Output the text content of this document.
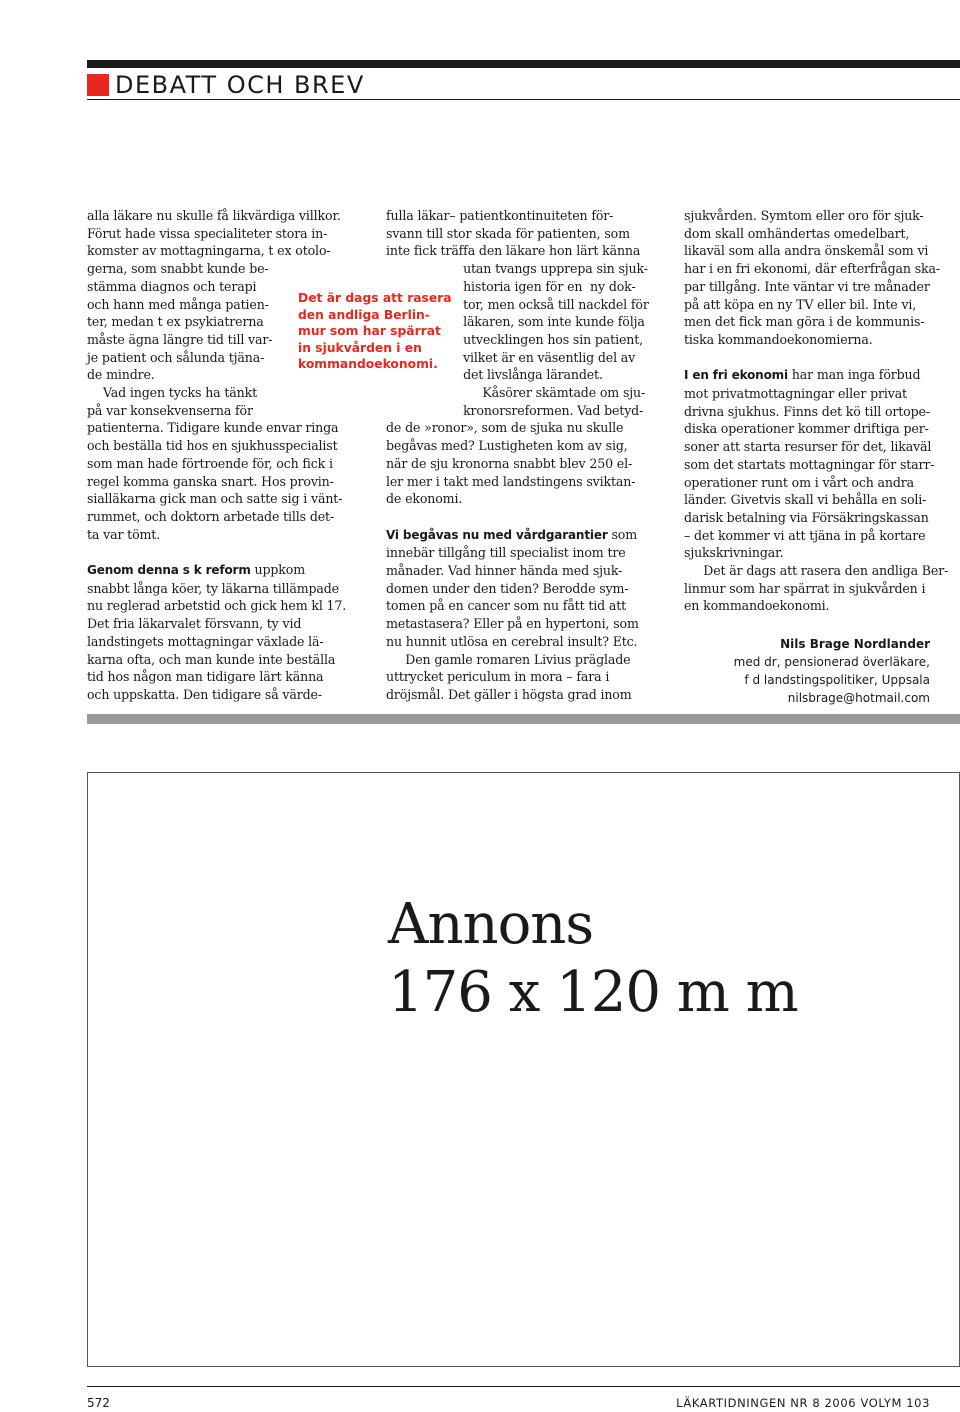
DEBATT OCH BREV

alla läkare nu skulle få likvärdiga villkor.

Förut hade vissa specialiteter stora in-

komster av mottagningarna, t ex otolo-

gerna, som snabbt kunde be-

stämma diagnos och terapi

och hann med många patien-

ter, medan t ex psykiatrerna

måste ägna längre tid till var-

je patient och sålunda tjäna-

de mindre.

Vad ingen tycks ha tänkt

på var konsekvenserna för

patienterna. Tidigare kunde envar ringa

och beställa tid hos en sjukhusspecialist

som man hade förtroende för, och fick i

regel komma ganska snart. Hos provin-

sialläkarna gick man och satte sig i vänt-

rummet, och doktorn arbetade tills det-

ta var tömt.

Genom denna s k reform uppkom

snabbt långa köer, ty läkarna tillämpade

nu reglerad arbetstid och gick hem kl 17.

Det fria läkarvalet försvann, ty vid

landstingets mottagningar växlade lä-

karna ofta, och man kunde inte beställa

tid hos någon man tidigare lärt känna

och uppskatta. Den tidigare så värde-

Det är dags att rasera
den andliga Berlin-
mur som har spärrat
in sjukvården i en
kommandoekonomi.

fulla läkar– patientkontinuiteten för-

svann till stor skada för patienten, som

inte fick träffa den läkare hon lärt känna

utan tvangs upprepa sin sjuk-

historia igen för en  ny dok-

tor, men också till nackdel för

läkaren, som inte kunde följa

utvecklingen hos sin patient,

vilket är en väsentlig del av

det livslånga lärandet.

Kåsörer skämtade om sju-

kronorsreformen. Vad betyd-

de de »ronor», som de sjuka nu skulle

begåvas med? Lustigheten kom av sig,

när de sju kronorna snabbt blev 250 el-

ler mer i takt med landstingens sviktan-

de ekonomi.

Vi begåvas nu med vårdgarantier som

innebär tillgång till specialist inom tre

månader. Vad hinner hända med sjuk-

domen under den tiden? Berodde sym-

tomen på en cancer som nu fått tid att

metastasera? Eller på en hypertoni, som

nu hunnit utlösa en cerebral insult? Etc.

Den gamle romaren Livius präglade

uttrycket periculum in mora – fara i

dröjsmål. Det gäller i högsta grad inom

sjukvården. Symtom eller oro för sjuk-

dom skall omhändertas omedelbart,

likaväl som alla andra önskemål som vi

har i en fri ekonomi, där efterfrågan ska-

par tillgång. Inte väntar vi tre månader

på att köpa en ny TV eller bil. Inte vi,

men det fick man göra i de kommunis-

tiska kommandoekonomierna.

I en fri ekonomi har man inga förbud

mot privatmottagningar eller privat

drivna sjukhus. Finns det kö till ortope-

diska operationer kommer driftiga per-

soner att starta resurser för det, likaväl

som det startats mottagningar för starr-

operationer runt om i vårt och andra

länder. Givetvis skall vi behålla en soli-

darisk betalning via Försäkringskassan

– det kommer vi att tjäna in på kortare

sjukskrivningar.

Det är dags att rasera den andliga Ber-

linmur som har spärrat in sjukvården i

en kommandoekonomi.

Nils Brage Nordlander

med dr, pensionerad överläkare,

f d landstingspolitiker, Uppsala

nilsbrage@hotmail.com

Annons

176 x 120 m m

572	LÄKARTIDNINGEN NR 8 2006 VOLYM 103
